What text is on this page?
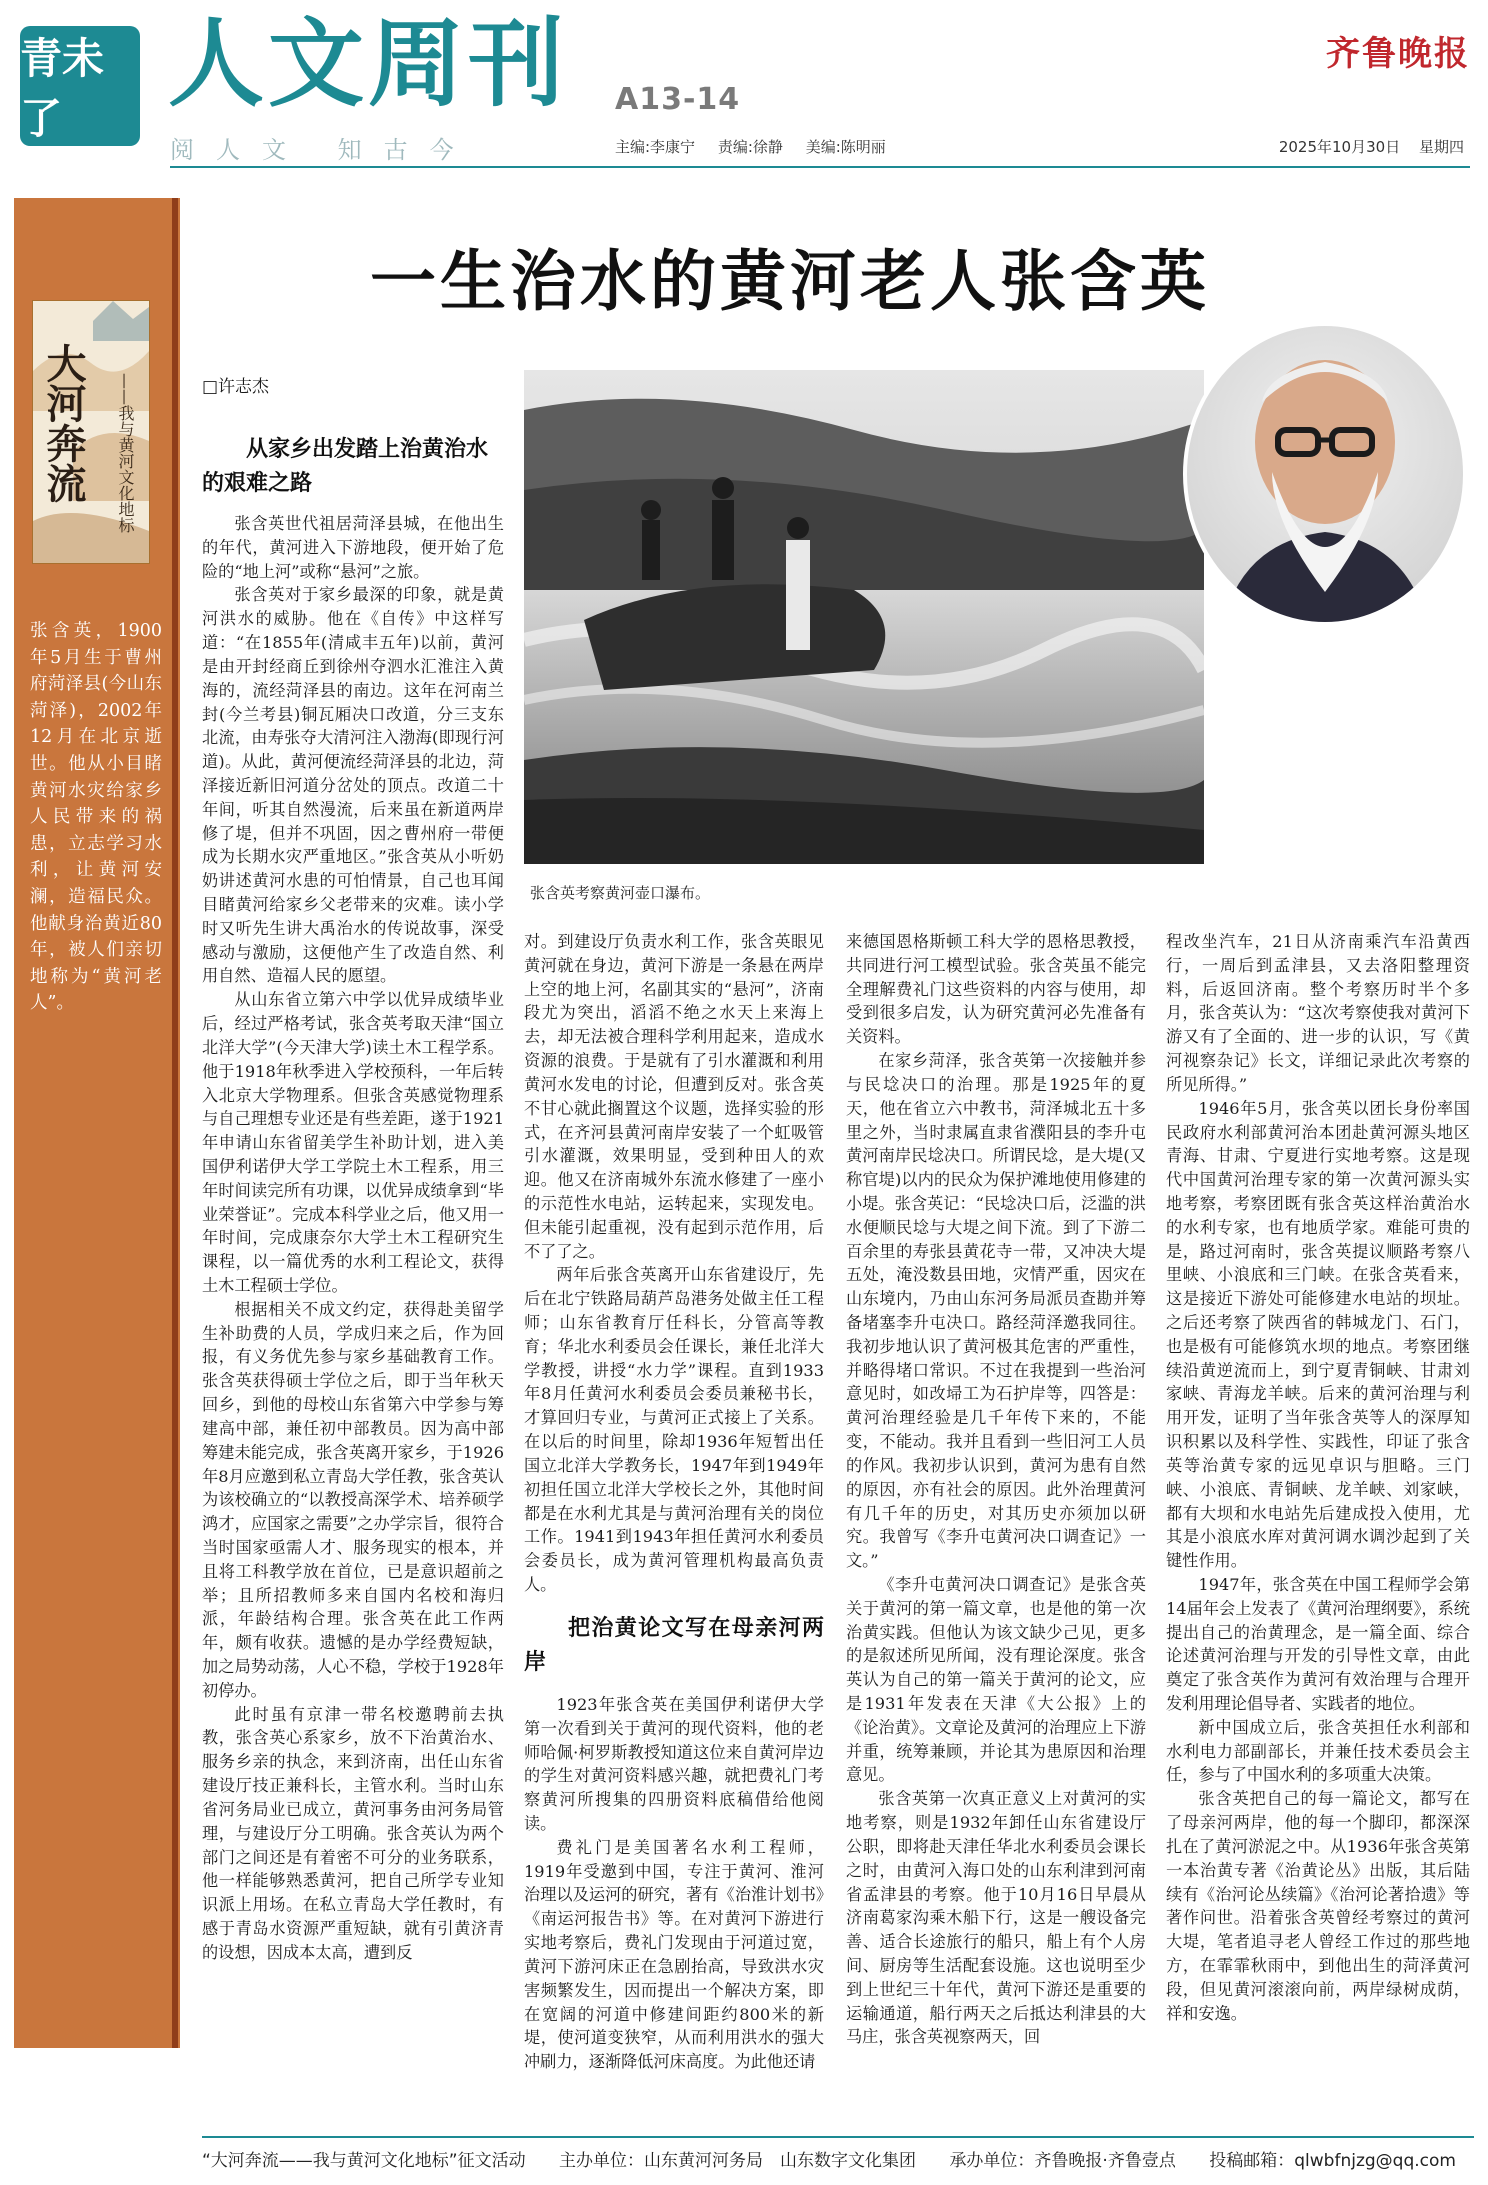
青未了	人文周刊
阅人文 知古今
A13-14
齐鲁晚报
主编:李康宁 责编:徐静 美编:陈明丽	2025年10月30日 星期四
大河奔流	——我与黄河文化地标
张含英，1900年5月生于曹州府菏泽县(今山东菏泽)，2002年12月在北京逝世。他从小目睹黄河水灾给家乡人民带来的祸患，立志学习水利，让黄河安澜，造福民众。他献身治黄近80年，被人们亲切地称为“黄河老人”。
一生治水的黄河老人张含英
□许志杰
张含英考察黄河壶口瀑布。
从家乡出发踏上治黄治水的艰难之路

张含英世代祖居菏泽县城，在他出生的年代，黄河进入下游地段，便开始了危险的“地上河”或称“悬河”之旅。

张含英对于家乡最深的印象，就是黄河洪水的威胁。他在《自传》中这样写道：“在1855年(清咸丰五年)以前，黄河是由开封经商丘到徐州夺泗水汇淮注入黄海的，流经菏泽县的南边。这年在河南兰封(今兰考县)铜瓦厢决口改道，分三支东北流，由寿张夺大清河注入渤海(即现行河道)。从此，黄河便流经菏泽县的北边，菏泽接近新旧河道分岔处的顶点。改道二十年间，听其自然漫流，后来虽在新道两岸修了堤，但并不巩固，因之曹州府一带便成为长期水灾严重地区。”张含英从小听奶奶讲述黄河水患的可怕情景，自己也耳闻目睹黄河给家乡父老带来的灾难。读小学时又听先生讲大禹治水的传说故事，深受感动与激励，这便他产生了改造自然、利用自然、造福人民的愿望。

从山东省立第六中学以优异成绩毕业后，经过严格考试，张含英考取天津“国立北洋大学”(今天津大学)读土木工程学系。他于1918年秋季进入学校预科，一年后转入北京大学物理系。但张含英感觉物理系与自己理想专业还是有些差距，遂于1921年申请山东省留美学生补助计划，进入美国伊利诺伊大学工学院土木工程系，用三年时间读完所有功课，以优异成绩拿到“毕业荣誉证”。完成本科学业之后，他又用一年时间，完成康奈尔大学土木工程研究生课程，以一篇优秀的水利工程论文，获得土木工程硕士学位。

根据相关不成文约定，获得赴美留学生补助费的人员，学成归来之后，作为回报，有义务优先参与家乡基础教育工作。张含英获得硕士学位之后，即于当年秋天回乡，到他的母校山东省第六中学参与筹建高中部，兼任初中部教员。因为高中部筹建未能完成，张含英离开家乡，于1926年8月应邀到私立青岛大学任教，张含英认为该校确立的“以教授高深学术、培养硕学鸿才，应国家之需要”之办学宗旨，很符合当时国家亟需人才、服务现实的根本，并且将工科教学放在首位，已是意识超前之举；且所招教师多来自国内名校和海归派，年龄结构合理。张含英在此工作两年，颇有收获。遗憾的是办学经费短缺，加之局势动荡，人心不稳，学校于1928年初停办。

此时虽有京津一带名校邀聘前去执教，张含英心系家乡，放不下治黄治水、服务乡亲的执念，来到济南，出任山东省建设厅技正兼科长，主管水利。当时山东省河务局业已成立，黄河事务由河务局管理，与建设厅分工明确。张含英认为两个部门之间还是有着密不可分的业务联系，他一样能够熟悉黄河，把自己所学专业知识派上用场。在私立青岛大学任教时，有感于青岛水资源严重短缺，就有引黄济青的设想，因成本太高，遭到反

对。到建设厅负责水利工作，张含英眼见黄河就在身边，黄河下游是一条悬在两岸上空的地上河，名副其实的“悬河”，济南段尤为突出，滔滔不绝之水天上来海上去，却无法被合理科学利用起来，造成水资源的浪费。于是就有了引水灌溉和利用黄河水发电的讨论，但遭到反对。张含英不甘心就此搁置这个议题，选择实验的形式，在齐河县黄河南岸安装了一个虹吸管引水灌溉，效果明显，受到种田人的欢迎。他又在济南城外东流水修建了一座小的示范性水电站，运转起来，实现发电。但未能引起重视，没有起到示范作用，后不了了之。

两年后张含英离开山东省建设厅，先后在北宁铁路局葫芦岛港务处做主任工程师；山东省教育厅任科长，分管高等教育；华北水利委员会任课长，兼任北洋大学教授，讲授“水力学”课程。直到1933年8月任黄河水利委员会委员兼秘书长，才算回归专业，与黄河正式接上了关系。在以后的时间里，除却1936年短暂出任国立北洋大学教务长，1947年到1949年初担任国立北洋大学校长之外，其他时间都是在水利尤其是与黄河治理有关的岗位工作。1941到1943年担任黄河水利委员会委员长，成为黄河管理机构最高负责人。

把治黄论文写在母亲河两岸

1923年张含英在美国伊利诺伊大学第一次看到关于黄河的现代资料，他的老师哈佩·柯罗斯教授知道这位来自黄河岸边的学生对黄河资料感兴趣，就把费礼门考察黄河所搜集的四册资料底稿借给他阅读。

费礼门是美国著名水利工程师，1919年受邀到中国，专注于黄河、淮河治理以及运河的研究，著有《治淮计划书》《南运河报告书》等。在对黄河下游进行实地考察后，费礼门发现由于河道过宽，黄河下游河床正在急剧抬高，导致洪水灾害频繁发生，因而提出一个解决方案，即在宽阔的河道中修建间距约800米的新堤，使河道变狭窄，从而利用洪水的强大冲刷力，逐渐降低河床高度。为此他还请

来德国恩格斯顿工科大学的恩格思教授，共同进行河工模型试验。张含英虽不能完全理解费礼门这些资料的内容与使用，却受到很多启发，认为研究黄河必先准备有关资料。

在家乡菏泽，张含英第一次接触并参与民埝决口的治理。那是1925年的夏天，他在省立六中教书，菏泽城北五十多里之外，当时隶属直隶省濮阳县的李升屯黄河南岸民埝决口。所谓民埝，是大堤(又称官堤)以内的民众为保护滩地使用修建的小堤。张含英记：“民埝决口后，泛滥的洪水便顺民埝与大堤之间下流。到了下游二百余里的寿张县黄花寺一带，又冲决大堤五处，淹没数县田地，灾情严重，因灾在山东境内，乃由山东河务局派员查勘并筹备堵塞李升屯决口。路经菏泽邀我同往。我初步地认识了黄河极其危害的严重性，并略得堵口常识。不过在我提到一些治河意见时，如改埽工为石护岸等，四答是：黄河治理经验是几千年传下来的，不能变，不能动。我并且看到一些旧河工人员的作风。我初步认识到，黄河为患有自然的原因，亦有社会的原因。此外治理黄河有几千年的历史，对其历史亦须加以研究。我曾写《李升屯黄河决口调查记》一文。”

《李升屯黄河决口调查记》是张含英关于黄河的第一篇文章，也是他的第一次治黄实践。但他认为该文缺少己见，更多的是叙述所见所闻，没有理论深度。张含英认为自己的第一篇关于黄河的论文，应是1931年发表在天津《大公报》上的《论治黄》。文章论及黄河的治理应上下游并重，统筹兼顾，并论其为患原因和治理意见。

张含英第一次真正意义上对黄河的实地考察，则是1932年卸任山东省建设厅公职，即将赴天津任华北水利委员会课长之时，由黄河入海口处的山东利津到河南省孟津县的考察。他于10月16日早晨从济南葛家沟乘木船下行，这是一艘设备完善、适合长途旅行的船只，船上有个人房间、厨房等生活配套设施。这也说明至少到上世纪三十年代，黄河下游还是重要的运输通道，船行两天之后抵达利津县的大马庄，张含英视察两天，回

程改坐汽车，21日从济南乘汽车沿黄西行，一周后到孟津县，又去洛阳整理资料，后返回济南。整个考察历时半个多月，张含英认为：“这次考察使我对黄河下游又有了全面的、进一步的认识，写《黄河视察杂记》长文，详细记录此次考察的所见所得。”

1946年5月，张含英以团长身份率国民政府水利部黄河治本团赴黄河源头地区青海、甘肃、宁夏进行实地考察。这是现代中国黄河治理专家的第一次黄河源头实地考察，考察团既有张含英这样治黄治水的水利专家，也有地质学家。难能可贵的是，路过河南时，张含英提议顺路考察八里峡、小浪底和三门峡。在张含英看来，这是接近下游处可能修建水电站的坝址。之后还考察了陕西省的韩城龙门、石门，也是极有可能修筑水坝的地点。考察团继续沿黄逆流而上，到宁夏青铜峡、甘肃刘家峡、青海龙羊峡。后来的黄河治理与利用开发，证明了当年张含英等人的深厚知识积累以及科学性、实践性，印证了张含英等治黄专家的远见卓识与胆略。三门峡、小浪底、青铜峡、龙羊峡、刘家峡，都有大坝和水电站先后建成投入使用，尤其是小浪底水库对黄河调水调沙起到了关键性作用。

1947年，张含英在中国工程师学会第14届年会上发表了《黄河治理纲要》，系统提出自己的治黄理念，是一篇全面、综合论述黄河治理与开发的引导性文章，由此奠定了张含英作为黄河有效治理与合理开发利用理论倡导者、实践者的地位。

新中国成立后，张含英担任水利部和水利电力部副部长，并兼任技术委员会主任，参与了中国水利的多项重大决策。

张含英把自己的每一篇论文，都写在了母亲河两岸，他的每一个脚印，都深深扎在了黄河淤泥之中。从1936年张含英第一本治黄专著《治黄论丛》出版，其后陆续有《治河论丛续篇》《治河论著拾遗》等著作问世。沿着张含英曾经考察过的黄河大堤，笔者追寻老人曾经工作过的那些地方，在霏霏秋雨中，到他出生的菏泽黄河段，但见黄河滚滚向前，两岸绿树成荫，祥和安逸。

“大河奔流——我与黄河文化地标”征文活动 主办单位：山东黄河河务局　山东数字文化集团 承办单位：齐鲁晚报·齐鲁壹点 投稿邮箱：qlwbfnjzg@qq.com
